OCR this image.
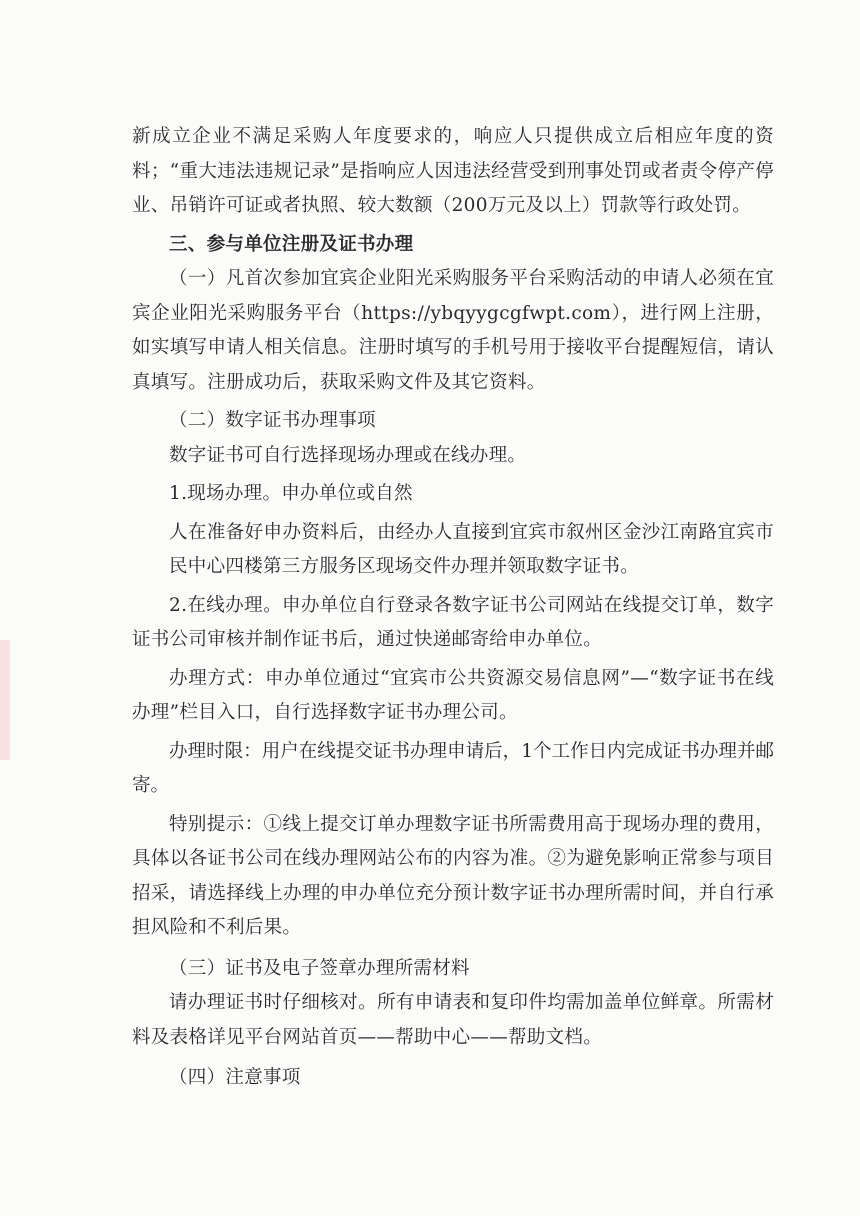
新成立企业不满足采购人年度要求的，响应人只提供成立后相应年度的资料；“重大违法违规记录”是指响应人因违法经营受到刑事处罚或者责令停产停业、吊销许可证或者执照、较大数额（200万元及以上）罚款等行政处罚。

三、参与单位注册及证书办理

（一）凡首次参加宜宾企业阳光采购服务平台采购活动的申请人必须在宜宾企业阳光采购服务平台（https://ybqyygcgfwpt.com），进行网上注册，如实填写申请人相关信息。注册时填写的手机号用于接收平台提醒短信，请认真填写。注册成功后，获取采购文件及其它资料。

（二）数字证书办理事项

数字证书可自行选择现场办理或在线办理。

1.现场办理。申办单位或自然

人在准备好申办资料后，由经办人直接到宜宾市叙州区金沙江南路宜宾市民中心四楼第三方服务区现场交件办理并领取数字证书。

2.在线办理。申办单位自行登录各数字证书公司网站在线提交订单，数字证书公司审核并制作证书后，通过快递邮寄给申办单位。

办理方式：申办单位通过“宜宾市公共资源交易信息网”—“数字证书在线办理”栏目入口，自行选择数字证书办理公司。

办理时限：用户在线提交证书办理申请后，1个工作日内完成证书办理并邮寄。

特别提示：①线上提交订单办理数字证书所需费用高于现场办理的费用，具体以各证书公司在线办理网站公布的内容为准。②为避免影响正常参与项目招采，请选择线上办理的申办单位充分预计数字证书办理所需时间，并自行承担风险和不利后果。

（三）证书及电子签章办理所需材料

请办理证书时仔细核对。所有申请表和复印件均需加盖单位鲜章。所需材料及表格详见平台网站首页——帮助中心——帮助文档。

（四）注意事项
